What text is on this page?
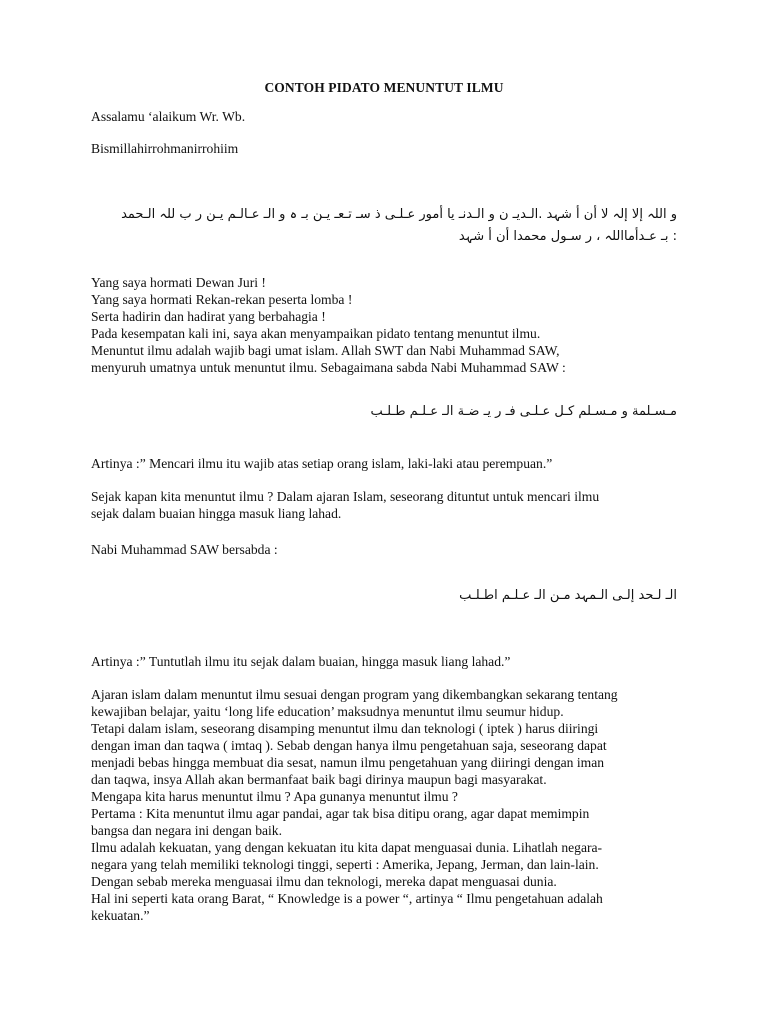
CONTOH PIDATO MENUNTUT ILMU
Assalamu ‘alaikum Wr. Wb.
Bismillahirrohmanirrohiim
و اللہ إلا إلہ لا أن أ شہد .الـدیـ ن و الـدنـ یا أمور عـلـى ذ سـ تـعـ یـن بـ ہ و الـ عـالـم یـن ر ب للہ الـحمد
: بـ عـدأمااللہ ، ر سـول محمدا أن أ شہد
Yang saya hormati Dewan Juri !
Yang saya hormati Rekan-rekan peserta lomba !
Serta hadirin dan hadirat yang berbahagia !
Pada kesempatan kali ini, saya akan menyampaikan pidato tentang menuntut ilmu.
Menuntut ilmu adalah wajib bagi umat islam. Allah SWT dan Nabi Muhammad SAW,
menyuruh umatnya untuk menuntut ilmu. Sebagaimana sabda Nabi Muhammad SAW :
مـسـلمة و مـسـلم کـل عـلـى فـ ر یـ ضـة الـ عـلـم طـلـب
Artinya :” Mencari ilmu itu wajib atas setiap orang islam, laki-laki atau perempuan.”
Sejak kapan kita menuntut ilmu ? Dalam ajaran Islam, seseorang dituntut untuk mencari ilmu
sejak dalam buaian hingga masuk liang lahad.
Nabi Muhammad SAW bersabda :
الـ لـحد إلـى الـمہد مـن الـ عـلـم اطـلـب
Artinya :” Tuntutlah ilmu itu sejak dalam buaian, hingga masuk liang lahad.”
Ajaran islam dalam menuntut ilmu sesuai dengan program yang dikembangkan sekarang tentang
kewajiban belajar, yaitu ‘long life education’ maksudnya menuntut ilmu seumur hidup.
Tetapi dalam islam, seseorang disamping menuntut ilmu dan teknologi ( iptek ) harus diiringi
dengan iman dan taqwa ( imtaq ). Sebab dengan hanya ilmu pengetahuan saja, seseorang dapat
menjadi bebas hingga membuat dia sesat, namun ilmu pengetahuan yang diiringi dengan iman
dan taqwa, insya Allah akan bermanfaat baik bagi dirinya maupun bagi masyarakat.
Mengapa kita harus menuntut ilmu ? Apa gunanya menuntut ilmu ?
Pertama : Kita menuntut ilmu agar pandai, agar tak bisa ditipu orang, agar dapat memimpin
bangsa dan negara ini dengan baik.
Ilmu adalah kekuatan, yang dengan kekuatan itu kita dapat menguasai dunia. Lihatlah negara-
negara yang telah memiliki teknologi tinggi, seperti : Amerika, Jepang, Jerman, dan lain-lain.
Dengan sebab mereka menguasai ilmu dan teknologi, mereka dapat menguasai dunia.
Hal ini seperti kata orang Barat, “ Knowledge is a power “, artinya “ Ilmu pengetahuan adalah
kekuatan.”
